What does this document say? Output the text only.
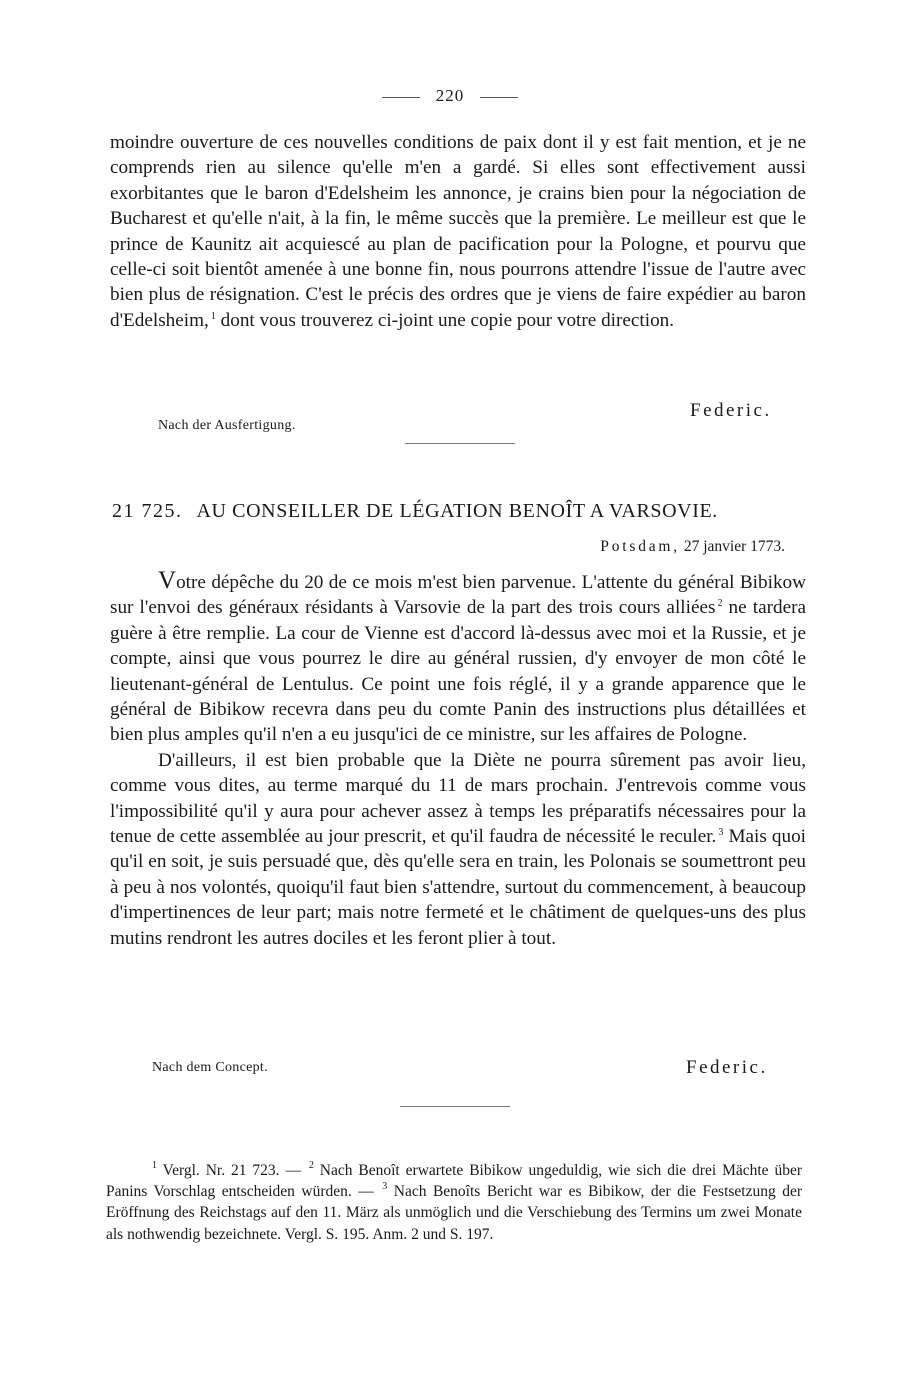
220

moindre ouverture de ces nouvelles conditions de paix dont il y est fait mention, et je ne comprends rien au silence qu'elle m'en a gardé. Si elles sont effectivement aussi exorbitantes que le baron d'Edelsheim les annonce, je crains bien pour la négociation de Bucharest et qu'elle n'ait, à la fin, le même succès que la première. Le meilleur est que le prince de Kaunitz ait acquiescé au plan de pacification pour la Pologne, et pourvu que celle-ci soit bientôt amenée à une bonne fin, nous pourrons attendre l'issue de l'autre avec bien plus de résignation. C'est le précis des ordres que je viens de faire expédier au baron d'Edelsheim, $^1$ dont vous trouverez ci-joint une copie pour votre direction.

Federic.
Nach der Ausfertigung.
21 725. AU CONSEILLER DE LÉGATION BENOÎT A VARSOVIE.
Potsdam, 27 janvier 1773.

Votre dépêche du 20 de ce mois m'est bien parvenue. L'attente du général Bibikow sur l'envoi des généraux résidants à Varsovie de la part des trois cours alliées $^2$ ne tardera guère à être remplie. La cour de Vienne est d'accord là-dessus avec moi et la Russie, et je compte, ainsi que vous pourrez le dire au général russien, d'y envoyer de mon côté le lieutenant-général de Lentulus. Ce point une fois réglé, il y a grande apparence que le général de Bibikow recevra dans peu du comte Panin des instructions plus détaillées et bien plus amples qu'il n'en a eu jusqu'ici de ce ministre, sur les affaires de Pologne.

D'ailleurs, il est bien probable que la Diète ne pourra sûrement pas avoir lieu, comme vous dites, au terme marqué du 11 de mars prochain. J'entrevois comme vous l'impossibilité qu'il y aura pour achever assez à temps les préparatifs nécessaires pour la tenue de cette assemblée au jour prescrit, et qu'il faudra de nécessité le reculer. $^3$ Mais quoi qu'il en soit, je suis persuadé que, dès qu'elle sera en train, les Polonais se soumettront peu à peu à nos volontés, quoiqu'il faut bien s'attendre, surtout du commencement, à beaucoup d'impertinences de leur part; mais notre fermeté et le châtiment de quelques-uns des plus mutins rendront les autres dociles et les feront plier à tout.

Nach dem Concept.	Federic.

$^1$ Vergl. Nr. 21 723. — $^2$ Nach Benoît erwartete Bibikow ungeduldig, wie sich die drei Mächte über Panins Vorschlag entscheiden würden. — $^3$ Nach Benoîts Bericht war es Bibikow, der die Festsetzung der Eröffnung des Reichstags auf den 11. März als unmöglich und die Verschiebung des Termins um zwei Monate als nothwendig bezeichnete. Vergl. S. 195. Anm. 2 und S. 197.
